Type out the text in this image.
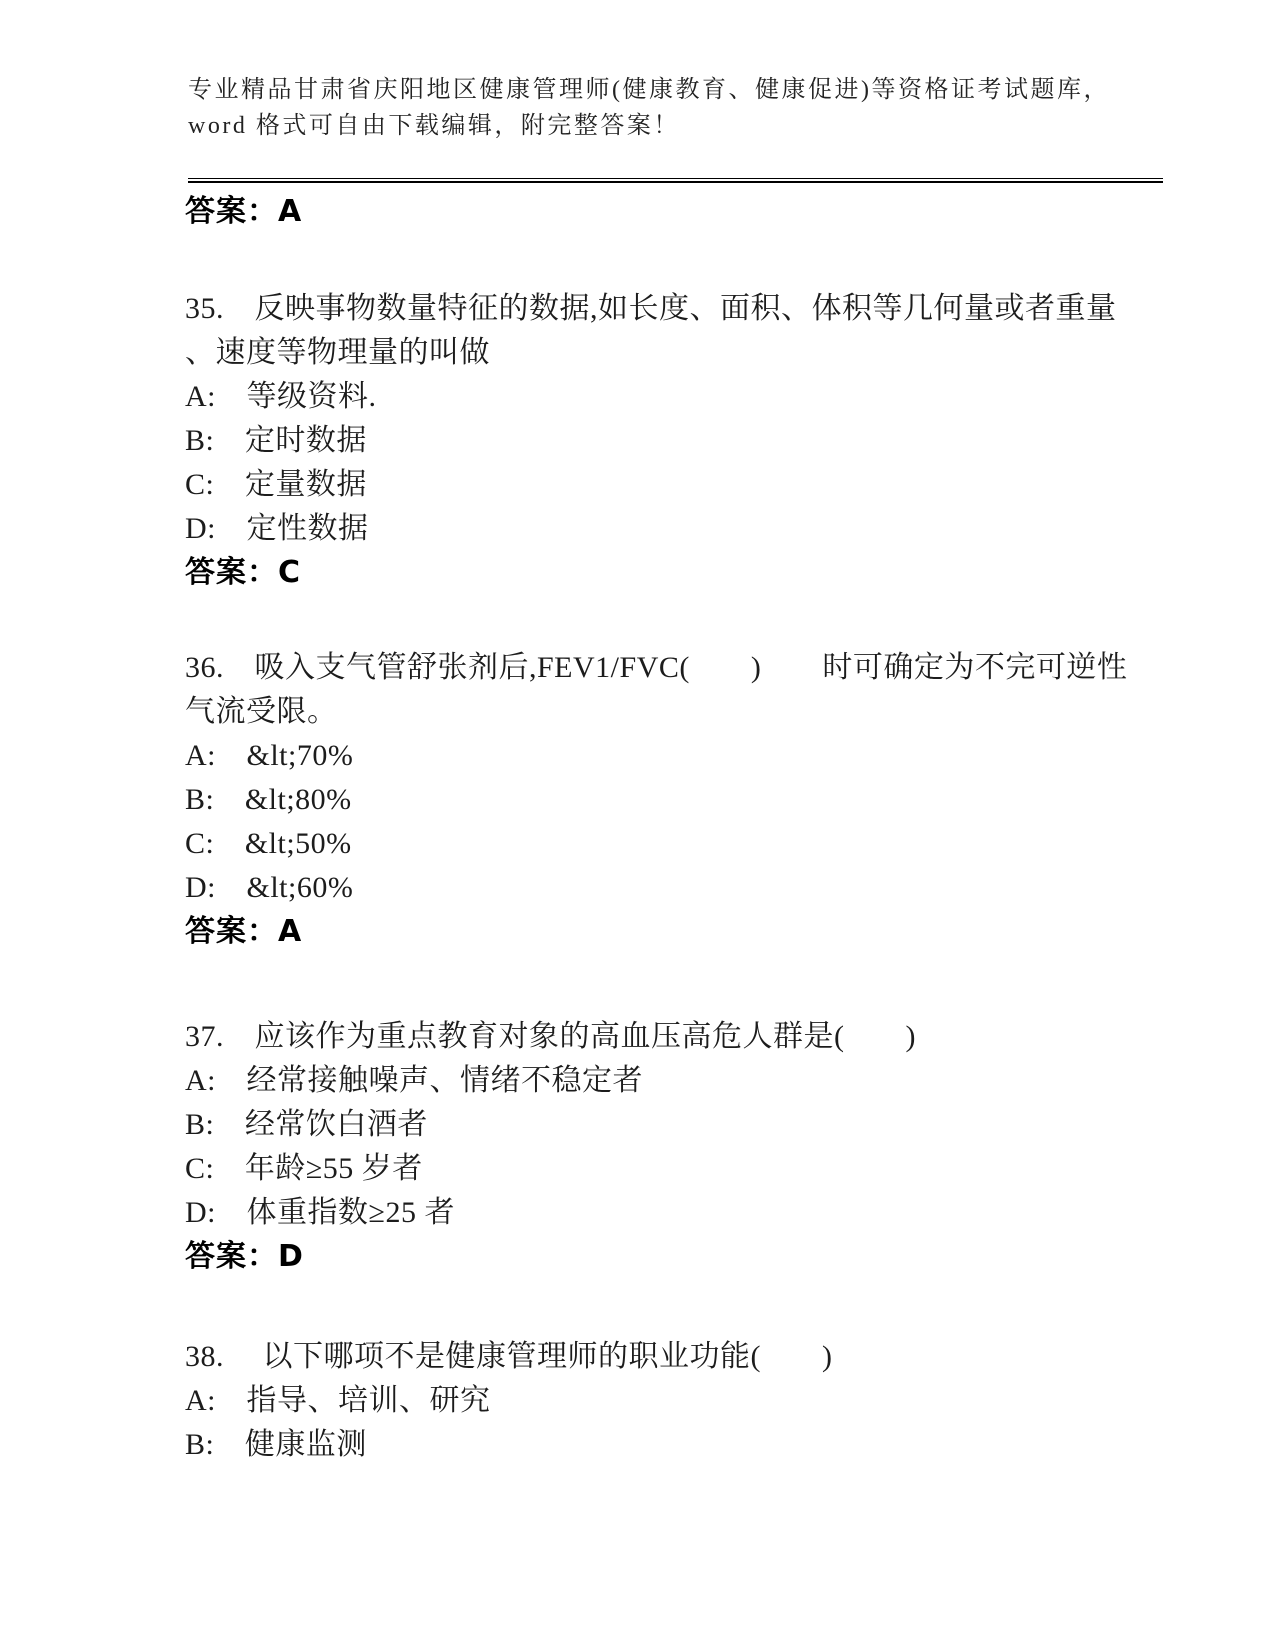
专业精品甘肃省庆阳地区健康管理师(健康教育、健康促进)等资格证考试题库，
word 格式可自由下载编辑，附完整答案！
答案：A
35.　反映事物数量特征的数据,如长度、面积、体积等几何量或者重量
、速度等物理量的叫做
A:　等级资料.
B:　定时数据
C:　定量数据
D:　定性数据
答案：C
36.　吸入支气管舒张剂后,FEV1/FVC(　　)　　时可确定为不完可逆性
气流受限。
A:　&lt;70%
B:　&lt;80%
C:　&lt;50%
D:　&lt;60%
答案：A
37.　应该作为重点教育对象的高血压高危人群是(　　)
A:　经常接触噪声、情绪不稳定者
B:　经常饮白酒者
C:　年龄≥55 岁者
D:　体重指数≥25 者
答案：D
38.　 以下哪项不是健康管理师的职业功能(　　)
A:　指导、培训、研究
B:　健康监测
